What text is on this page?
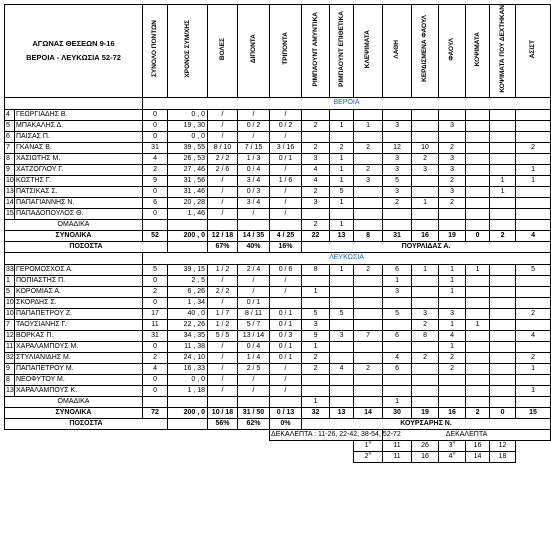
ΑΓΩΝΑΣ ΘΕΣΕΩΝ 9-16
ΒΕΡΟΙΑ - ΛΕΥΚΩΣΙΑ 52-72		ΣΥΝΟΛΟ ΠΟΝΤΩΝ	ΧΡΟΝΟΣ ΣΥΜ/ΧΗΣ	ΒΟΛΕΣ	ΔΙΠΟΝΤΑ	ΤΡΙΠΟΝΤΑ	ΡΙΜΠΑΟΥΝΤ ΑΜΥΝΤΙΚΑ	ΡΙΜΠΑΟΥΝΤ ΕΠΙΘΕΤΙΚΑ	ΚΛΕΨΙΜΑΤΑ	ΛΑΘΗ	ΚΕΡΔΙΣΜΕΝΑ ΦΑΟΥΛ	ΦΑΟΥΛ	ΚΟΨΙΜΑΤΑ	ΚΟΨΙΜΑΤΑ ΠΟΥ ΔΕΧΤΗΚΑΝ	ΑΣΙΣΤ
		ΒΕΡΟΙΑ													
4	ΓΕΩΡΓΙΑΔΗΣ Β.	0	0 , 0	/	/	/									
5	ΜΠΑΚΑΛΗΣ Δ.	0	19 , 30	/	0 / 2	0 / 2	2	1	1	3		3			
6	ΠΑΙΣΑΣ Π.	0	0 , 0	/	/	/									
7	ΓΚΑΝΑΣ Β.	31	39 , 55	8 / 10	7 / 15	3 / 16	2	2	2	12	10	2			2
8	ΧΑΣΙΩΤΗΣ Μ.	4	26 , 53	2 / 2	1 / 3	0 / 1	3	1		3	2	3			
9	ΧΑΤΖΟΓΛΟΥ Γ.	2	27 , 46	2 / 6	0 / 4	/	4	1	2	3	3	3			1
10	ΚΩΣΤΗΣ Γ.	9	31 , 56	/	3 / 4	1 / 6	4	1	3	5		2		1	1
13	ΠΑΤΣΙΚΑΣ Σ.	0	31 , 46	/	0 / 3	/	2	5		3		3		1	
14	ΠΑΠΑΓΙΑΝΝΗΣ Ν.	6	20 , 28	/	3 / 4	/	3	1		2	1	2			
15	ΠΑΠΑΔΟΠΟΥΛΟΣ Θ.	0	1 , 46	/	/	/									
ΟΜΑΔΙΚΑ							2	1							
ΣΥΝΟΛΙΚΑ		52	200 , 0	12 / 18	14 / 35	4 / 25	22	13	8	31	16	19	0	2	4
ΠΟΣΟΣΤΑ				67%	40%	16%	ΠΟΥΡΛΙΔΑΣ Α.								
		ΛΕΥΚΩΣΙΑ													
33	ΓΕΡΟΜΟΣΧΟΣ Α.	5	39 , 15	1 / 2	2 / 4	0 / 6	8	1	2	6	1	1	1		5
1	ΠΟΠΙΑΣΤΗΣ Π.	0	2 , 5	/	/	/				1		1			
5	ΚΟΡΟΜΙΑΣ Α.	2	6 , 26	2 / 2	/	/	1			3		1			
10	ΣΚΟΡΔΗΣ Σ.	0	1 , 34	/	0 / 1										
10	ΠΑΠΑΠΕΤΡΟΥ Ζ.	17	40 , 0	1 / 7	8 / 11	0 / 1	5	5		5	3	3			2
7	ΤΑΟΥΣΙΑΝΗΣ Γ.	11	22 , 26	1 / 2	5 / 7	0 / 1	3				2	1	1		
12	ΒΟΡΚΑΣ Π.	31	34 , 35	5 / 5	13 / 14	0 / 3	9	3	7	6	8	4			4
11	ΧΑΡΑΛΑΜΠΟΥΣ Μ.	0	11 , 38	/	0 / 4	0 / 1	1					1			
32	ΣΤΥΛΙΑΝΙΔΗΣ Μ.	2	24 , 10	/	1 / 4	0 / 1	2			4	2	2			2
9	ΠΑΠΑΠΕΤΡΟΥ Μ.	4	16 , 33	/	2 / 5	/	2	4	2	6		2			1
8	ΝΕΟΦΥΤΟΥ Μ.	0	0 , 0	/	/	/									
13	ΧΑΡΑΛΑΜΠΟΥΣ Κ.	0	1 , 18	/	/	/									1
ΟΜΑΔΙΚΑ							1			1					
ΣΥΝΟΛΙΚΑ		72	200 , 0	10 / 18	31 / 50	0 / 13	32	13	14	30	19	16	2	0	15
ΠΟΣΟΣΤΑ				56%	62%	0%	ΚΟΥΡΣΑΡΗΣ Ν.								
						ΔΕΚΑΛΕΠΤΑ : 11-26, 22-42, 38-54, 52-72				ΔΕΚΑΛΕΠΤΑ					
									$1^o$	11	26	$3^o$	16	12	
									$2^o$	11	16	$4^o$	14	18	
